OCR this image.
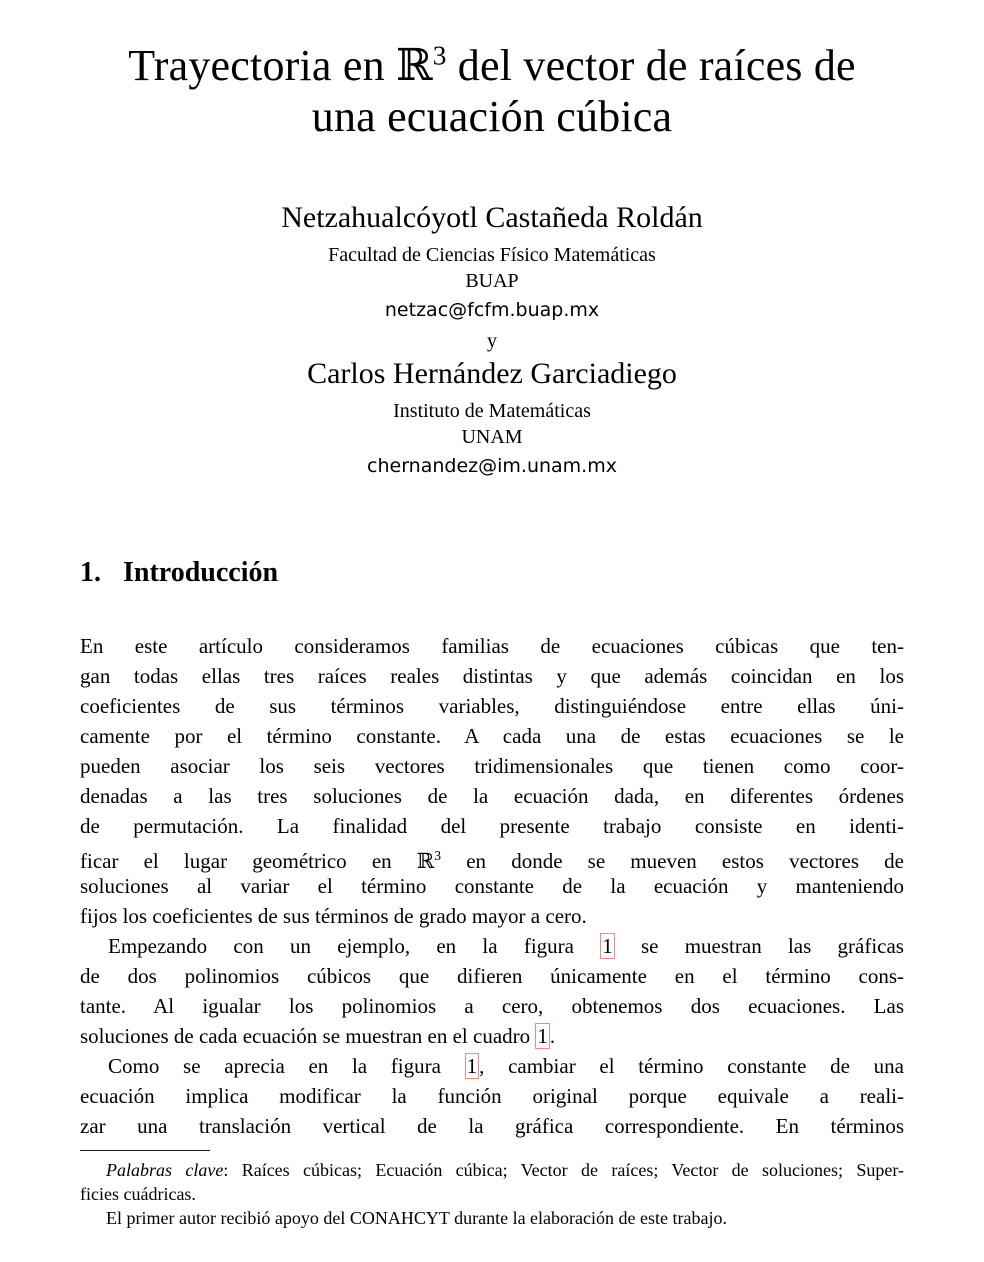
Trayectoria en ℝ$^3$ del vector de raíces de
una ecuación cúbica
Netzahualcóyotl Castañeda Roldán
Facultad de Ciencias Físico Matemáticas
BUAP
netzac@fcfm.buap.mx
y
Carlos Hernández Garciadiego
Instituto de Matemáticas
UNAM
chernandez@im.unam.mx
1. Introducción
En este artículo consideramos familias de ecuaciones cúbicas que ten-
gan todas ellas tres raíces reales distintas y que además coincidan en los
coeficientes de sus términos variables, distinguiéndose entre ellas úni-
camente por el término constante. A cada una de estas ecuaciones se le
pueden asociar los seis vectores tridimensionales que tienen como coor-
denadas a las tres soluciones de la ecuación dada, en diferentes órdenes
de permutación. La finalidad del presente trabajo consiste en identi-
ficar el lugar geométrico en ℝ$^3$ en donde se mueven estos vectores de
soluciones al variar el término constante de la ecuación y manteniendo
fijos los coeficientes de sus términos de grado mayor a cero.
Empezando con un ejemplo, en la figura 1 se muestran las gráficas
de dos polinomios cúbicos que difieren únicamente en el término cons-
tante. Al igualar los polinomios a cero, obtenemos dos ecuaciones. Las
soluciones de cada ecuación se muestran en el cuadro 1.
Como se aprecia en la figura 1, cambiar el término constante de una
ecuación implica modificar la función original porque equivale a reali-
zar una translación vertical de la gráfica correspondiente. En términos
Palabras clave: Raíces cúbicas; Ecuación cúbica; Vector de raíces; Vector de soluciones; Super-
ficies cuádricas.
El primer autor recibió apoyo del CONAHCYT durante la elaboración de este trabajo.
